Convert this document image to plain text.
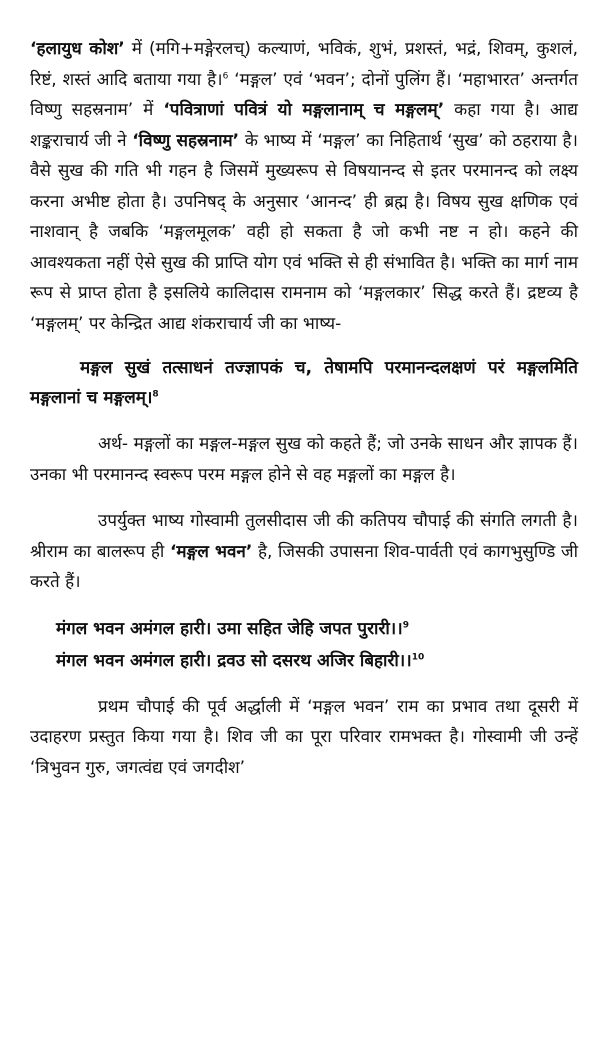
‘हलायुध कोश’ में (मगि+मङ्गेरलच्) कल्याणं, भविकं, शुभं, प्रशस्तं, भद्रं, शिवम्, कुशलं, रिष्टं, शस्तं आदि बताया गया है।$^6$ ‘मङ्गल’ एवं ‘भवन’; दोनों पुलिंग हैं। ‘महाभारत’ अन्तर्गत विष्णु सहस्रनाम’ में ‘पवित्राणां पवित्रं यो मङ्गलानाम् च मङ्गलम्’ कहा गया है। आद्य शङ्कराचार्य जी ने ‘विष्णु सहस्रनाम’ के भाष्य में ‘मङ्गल’ का निहितार्थ ‘सुख’ को ठहराया है। वैसे सुख की गति भी गहन है जिसमें मुख्यरूप से विषयानन्द से इतर परमानन्द को लक्ष्य करना अभीष्ट होता है। उपनिषद् के अनुसार ‘आनन्द’ ही ब्रह्म है। विषय सुख क्षणिक एवं नाशवान् है जबकि ‘मङ्गलमूलक’ वही हो सकता है जो कभी नष्ट न हो। कहने की आवश्यकता नहीं ऐसे सुख की प्राप्ति योग एवं भक्ति से ही संभावित है। भक्ति का मार्ग नाम रूप से प्राप्त होता है इसलिये कालिदास रामनाम को ‘मङ्गलकार’ सिद्ध करते हैं। द्रष्टव्य है ‘मङ्गलम्’ पर केन्द्रित आद्य शंकराचार्य जी का भाष्य-

मङ्गल सुखं तत्साधनं तज्ज्ञापकं च, तेषामपि परमानन्दलक्षणं परं मङ्गलमिति मङ्गलानां च मङ्गलम्।$^8$

अर्थ- मङ्गलों का मङ्गल-मङ्गल सुख को कहते हैं; जो उनके साधन और ज्ञापक हैं। उनका भी परमानन्द स्वरूप परम मङ्गल होने से वह मङ्गलों का मङ्गल है।

उपर्युक्त भाष्य गोस्वामी तुलसीदास जी की कतिपय चौपाई की संगति लगती है। श्रीराम का बालरूप ही ‘मङ्गल भवन’ है, जिसकी उपासना शिव-पार्वती एवं कागभुसुण्डि जी करते हैं।

मंगल भवन अमंगल हारी। उमा सहित जेहि जपत पुरारी।।$^9$
मंगल भवन अमंगल हारी। द्रवउ सो दसरथ अजिर बिहारी।।$^{10}$

प्रथम चौपाई की पूर्व अर्द्धाली में ‘मङ्गल भवन’ राम का प्रभाव तथा दूसरी में उदाहरण प्रस्तुत किया गया है। शिव जी का पूरा परिवार रामभक्त है। गोस्वामी जी उन्हें ‘त्रिभुवन गुरु, जगत्वंद्य एवं जगदीश’
